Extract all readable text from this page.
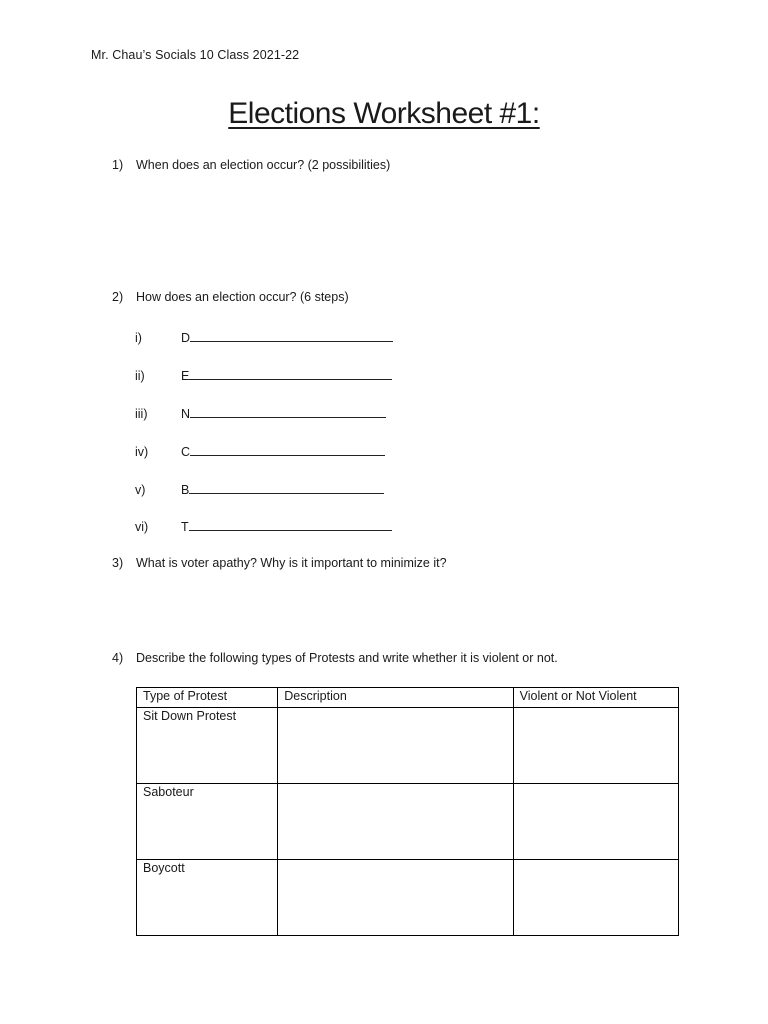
Mr. Chau’s Socials 10 Class 2021-22
Elections Worksheet #1:
1) When does an election occur? (2 possibilities)
2) How does an election occur? (6 steps)
i)	D
ii)	E
iii)	N
iv)	C
v)	B
vi)	T
3) What is voter apathy? Why is it important to minimize it?
4) Describe the following types of Protests and write whether it is violent or not.
Type of Protest	Description	Violent or Not Violent
Sit Down Protest		
Saboteur		
Boycott		
